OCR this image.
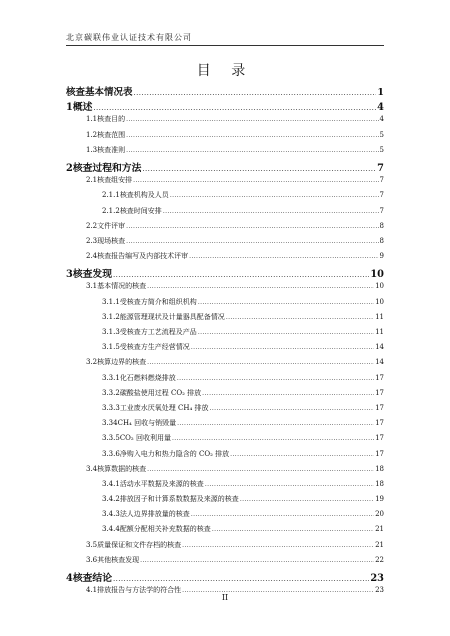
北京碳联伟业认证技术有限公司
目 录
核查基本情况表 .....	1
1 概述 .....	4
1.1 核查目的 .....	4
1.2 核查范围 .....	5
1.3 核查准则 .....	5
2 核查过程和方法 .....	7
2.1 核查组安排 .....	7
2.1.1 核查机构及人员 .....	7
2.1.2 核查时间安排 .....	7
2.2 文件评审 .....	8
2.3 现场核查 .....	8
2.4 核查报告编写及内部技术评审 .....	9
3 核查发现 .....	10
3.1 基本情况的核查 .....	10
3.1.1 受核查方简介和组织机构 .....	10
3.1.2 能源管理现状及计量器具配备情况 .....	11
3.1.3 受核查方工艺流程及产品 .....	11
3.1.5 受核查方生产经营情况 .....	14
3.2 核算边界的核查 .....	14
3.3.1 化石燃料燃烧排放 .....	17
3.3.2 碳酸盐使用过程 CO₂ 排放 .....	17
3.3.3 工业废水厌氧处理 CH₄ 排放 .....	17
3.34 CH₄ 回收与销毁量 .....	17
3.3.5 CO₂ 回收利用量 .....	17
3.3.6 净购入电力和热力隐含的 CO₂ 排放 .....	17
3.4 核算数据的核查 .....	18
3.4.1 活动水平数据及来源的核查 .....	18
3.4.2 排放因子和计算系数数据及来源的核查 .....	19
3.4.3 法人边界排放量的核查 .....	20
3.4.4 配额分配相关补充数据的核查 .....	21
3.5 质量保证和文件存档的核查 .....	21
3.6 其他核查发现 .....	22
4 核查结论 .....	23
4.1 排放报告与方法学的符合性 .....	23
II
